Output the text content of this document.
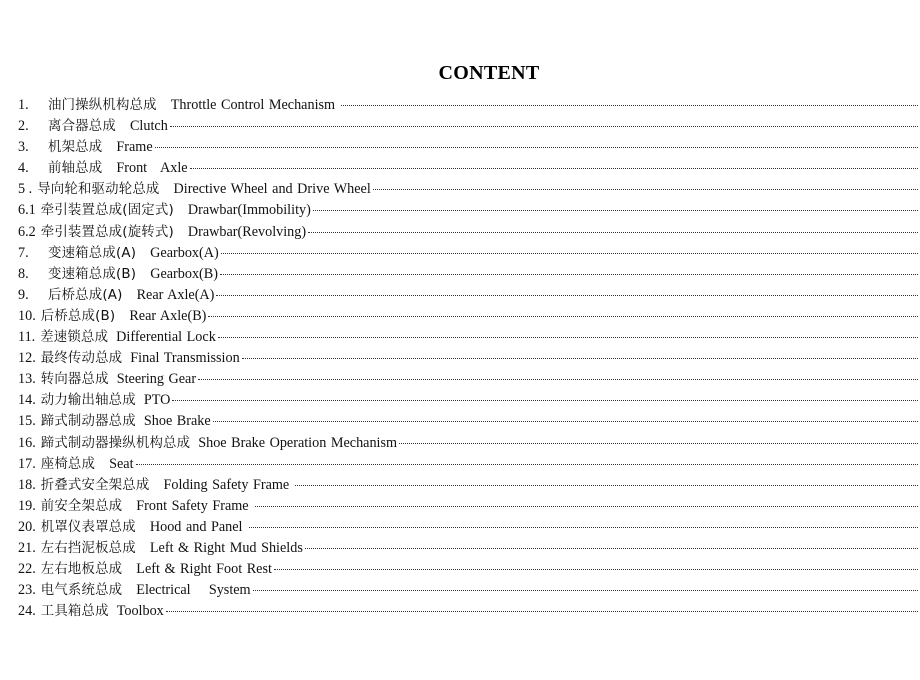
CONTENT
1.	油门操纵机构总成 Throttle Control Mechanism
2.	离合器总成 Clutch
3.	机架总成 Frame
4.	前轴总成 Front   Axle
5 . 导向轮和驱动轮总成 Directive Wheel and Drive Wheel
6.1 牵引装置总成(固定式) Drawbar(Immobility)
6.2 牵引装置总成(旋转式) Drawbar(Revolving)
7.	变速箱总成(A) Gearbox(A)
8.	变速箱总成(B) Gearbox(B)
9.	后桥总成(A) Rear Axle(A)
10. 后桥总成(B) Rear Axle(B)
11. 差速锁总成 Differential Lock
12. 最终传动总成 Final Transmission
13. 转向器总成 Steering Gear
14. 动力输出轴总成 PTO
15. 蹄式制动器总成 Shoe Brake
16. 蹄式制动器操纵机构总成 Shoe Brake Operation Mechanism
17. 座椅总成 Seat
18. 折叠式安全架总成 Folding Safety Frame
19. 前安全架总成 Front Safety Frame
20. 机罩仪表罩总成 Hood and Panel
21. 左右挡泥板总成 Left & Right Mud Shields
22. 左右地板总成 Left & Right Foot Rest
23. 电气系统总成 Electrical    System
24. 工具箱总成 Toolbox
